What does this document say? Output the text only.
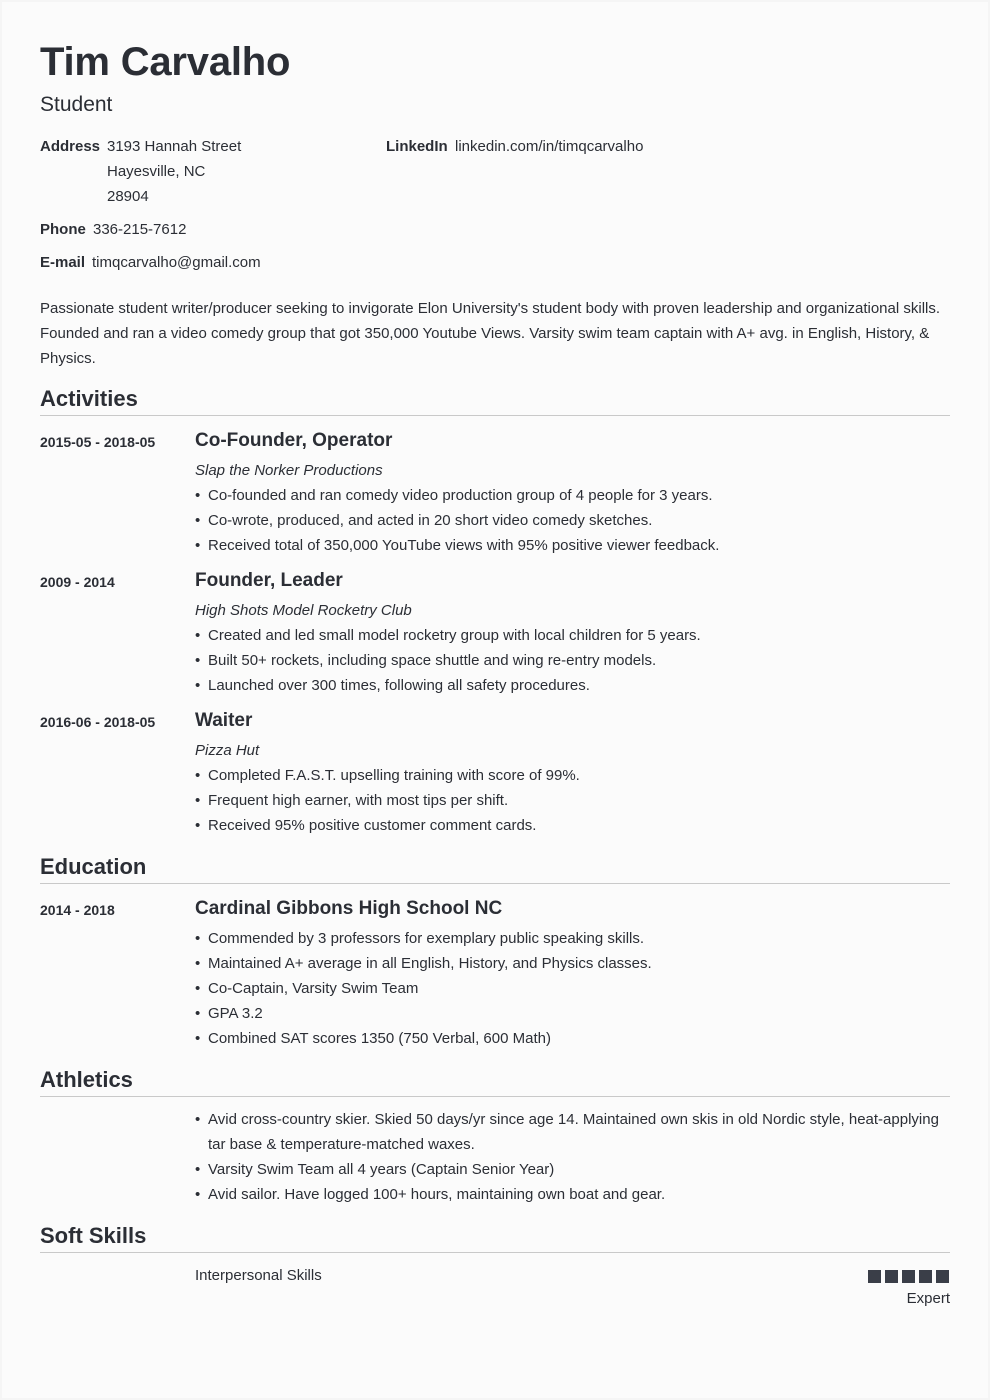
Tim Carvalho
Student
Address 3193 Hannah Street
Hayesville, NC
28904
LinkedIn linkedin.com/in/timqcarvalho
Phone 336-215-7612
E-mail timqcarvalho@gmail.com
Passionate student writer/producer seeking to invigorate Elon University's student body with proven leadership and organizational skills. Founded and ran a video comedy group that got 350,000 Youtube Views. Varsity swim team captain with A+ avg. in English, History, & Physics.
Activities
2015-05 - 2018-05 Co-Founder, Operator
Slap the Norker Productions
• Co-founded and ran comedy video production group of 4 people for 3 years.
• Co-wrote, produced, and acted in 20 short video comedy sketches.
• Received total of 350,000 YouTube views with 95% positive viewer feedback.
2009 - 2014	Founder, Leader
High Shots Model Rocketry Club
• Created and led small model rocketry group with local children for 5 years.
• Built 50+ rockets, including space shuttle and wing re-entry models.
• Launched over 300 times, following all safety procedures.
2016-06 - 2018-05 Waiter
Pizza Hut
• Completed F.A.S.T. upselling training with score of 99%.
• Frequent high earner, with most tips per shift.
• Received 95% positive customer comment cards.
Education
2014 - 2018	Cardinal Gibbons High School NC
• Commended by 3 professors for exemplary public speaking skills.
• Maintained A+ average in all English, History, and Physics classes.
• Co-Captain, Varsity Swim Team
• GPA 3.2
• Combined SAT scores 1350 (750 Verbal, 600 Math)
Athletics
• Avid cross-country skier. Skied 50 days/yr since age 14. Maintained own skis in old Nordic style, heat-applying tar base & temperature-matched waxes.
• Varsity Swim Team all 4 years (Captain Senior Year)
• Avid sailor. Have logged 100+ hours, maintaining own boat and gear.
Soft Skills
Interpersonal Skills
Expert
